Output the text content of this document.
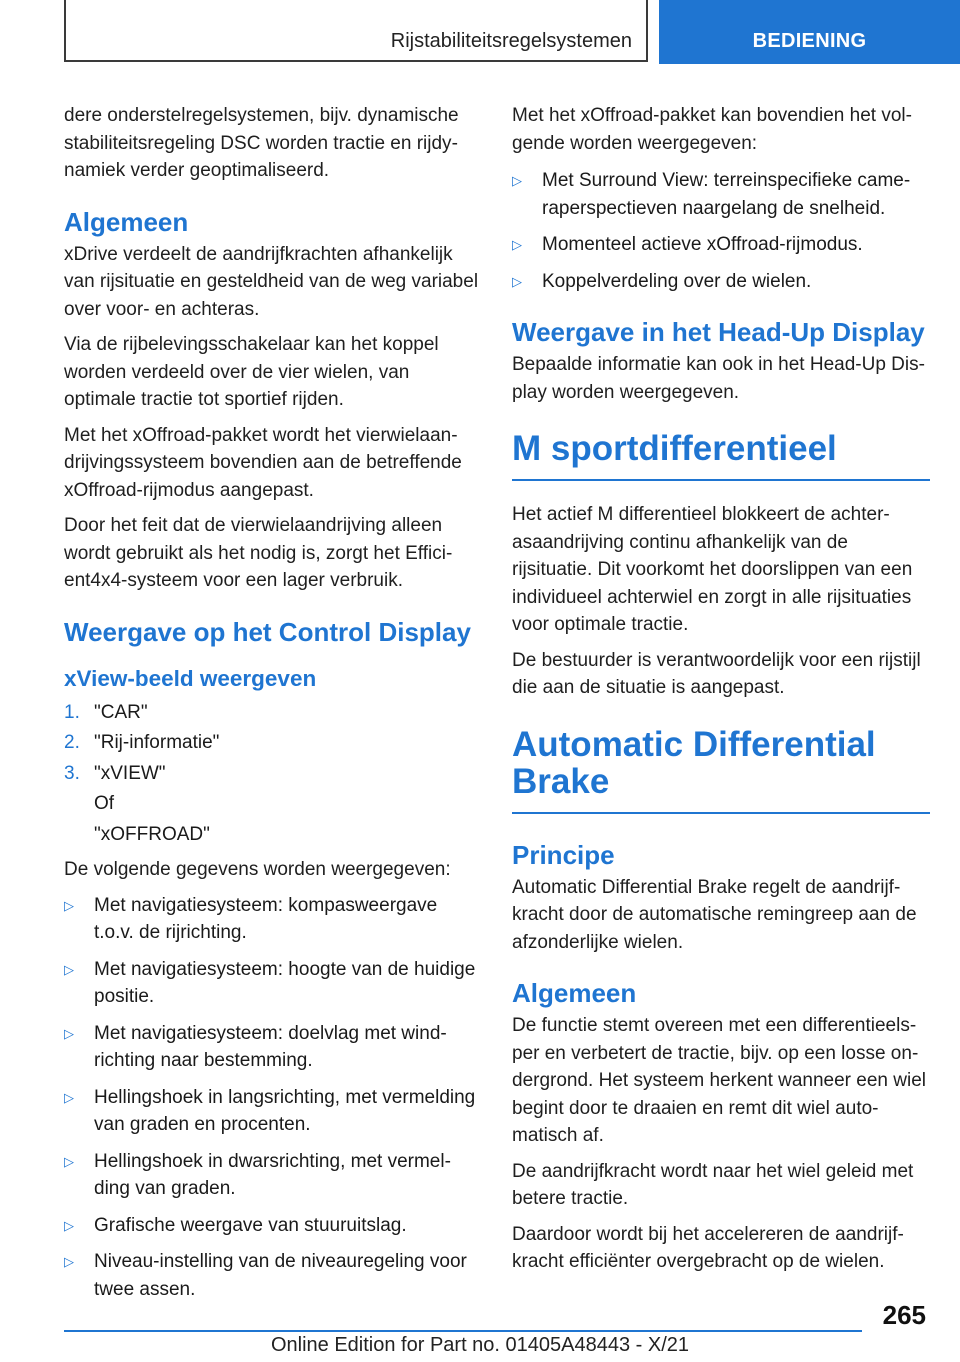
Rijstabiliteitsregelsystemen	BEDIENING

dere onderstelregelsystemen, bijv. dynamische stabiliteitsregeling DSC worden tractie en rijdynamiek verder geoptimaliseerd.

Algemeen

xDrive verdeelt de aandrijfkrachten afhankelijk van rijsituatie en gesteldheid van de weg variabel over voor- en achteras.

Via de rijbelevingsschakelaar kan het koppel worden verdeeld over de vier wielen, van optimale tractie tot sportief rijden.

Met het xOffroad-pakket wordt het vierwielaandrijvingssysteem bovendien aan de betreffende xOffroad-rijmodus aangepast.

Door het feit dat de vierwielaandrijving alleen wordt gebruikt als het nodig is, zorgt het Efficient4x4-systeem voor een lager verbruik.

Weergave op het Control Display
xView-beeld weergeven
1. "CAR"
2. "Rij-informatie"
3. "xVIEW"
Of
"xOFFROAD"

De volgende gegevens worden weergegeven:

▷ Met navigatiesysteem: kompasweergave t.o.v. de rijrichting.
▷ Met navigatiesysteem: hoogte van de huidige positie.
▷ Met navigatiesysteem: doelvlag met windrichting naar bestemming.
▷ Hellingshoek in langsrichting, met vermelding van graden en procenten.
▷ Hellingshoek in dwarsrichting, met vermelding van graden.
▷ Grafische weergave van stuuruitslag.
▷ Niveau-instelling van de niveauregeling voor twee assen.

Met het xOffroad-pakket kan bovendien het volgende worden weergegeven:

▷ Met Surround View: terreinspecifieke cameraperspectieven naargelang de snelheid.
▷ Momenteel actieve xOffroad-rijmodus.
▷ Koppelverdeling over de wielen.
Weergave in het Head-Up Display

Bepaalde informatie kan ook in het Head-Up Display worden weergegeven.

M sportdifferentieel

Het actief M differentieel blokkeert de achterasaandrijving continu afhankelijk van de rijsituatie. Dit voorkomt het doorslippen van een individueel achterwiel en zorgt in alle rijsituaties voor optimale tractie.

De bestuurder is verantwoordelijk voor een rijstijl die aan de situatie is aangepast.

Automatic Differential Brake
Principe

Automatic Differential Brake regelt de aandrijfkracht door de automatische remingreep aan de afzonderlijke wielen.

Algemeen

De functie stemt overeen met een differentieelsper en verbetert de tractie, bijv. op een losse ondergrond. Het systeem herkent wanneer een wiel begint door te draaien en remt dit wiel automatisch af.

De aandrijfkracht wordt naar het wiel geleid met betere tractie.

Daardoor wordt bij het accelereren de aandrijfkracht efficiënter overgebracht op de wielen.

265
Online Edition for Part no. 01405A48443 - X/21
